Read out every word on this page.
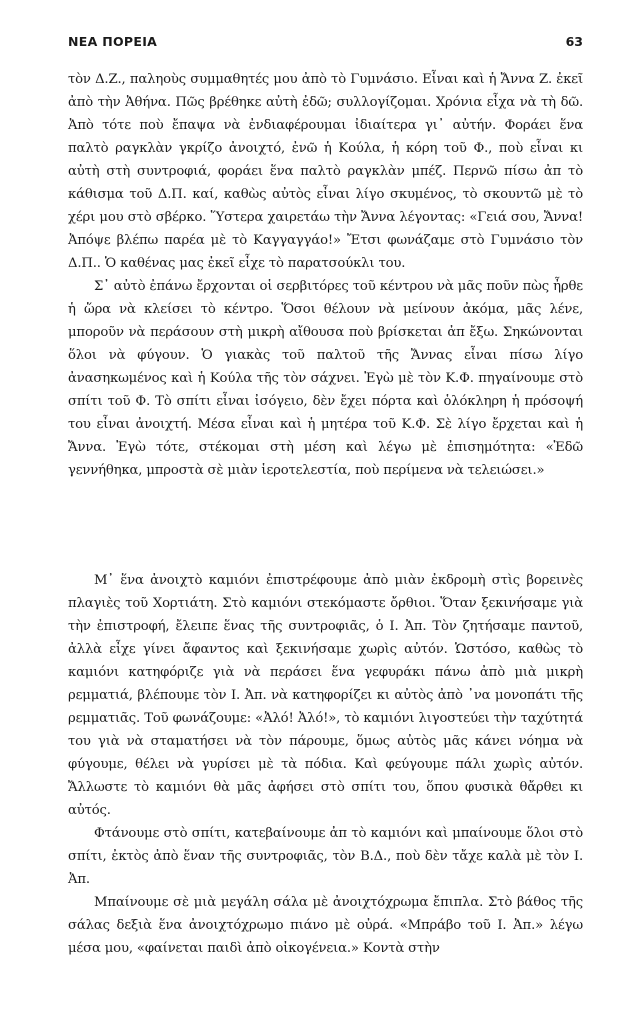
ΝΕΑ ΠΟΡΕΙΑ	63

τὸν Δ.Ζ., παληοὺς συμμαθητές μου ἀπὸ τὸ Γυμνάσιο. Εἶναι καὶ ἡ Ἄννα Ζ. ἐκεῖ ἀπὸ τὴν Ἀθήνα. Πῶς βρέθηκε αὐτὴ ἐδῶ; συλλογίζομαι. Χρόνια εἶχα νὰ τὴ δῶ. Ἀπὸ τότε ποὺ ἔπαψα νὰ ἐνδιαφέρουμαι ἰδιαίτερα γι᾽ αὐτήν. Φοράει ἕνα παλτὸ ραγκλὰν γκρίζο ἀνοιχτό, ἐνῶ ἡ Κούλα, ἡ κόρη τοῦ Φ., ποὺ εἶναι κι αὐτὴ στὴ συντροφιά, φοράει ἕνα παλτὸ ραγκλὰν μπέζ. Περνῶ πίσω ἀπ τὸ κάθισμα τοῦ Δ.Π. καί, καθὼς αὐτὸς εἶναι λίγο σκυμένος, τὸ σκουντῶ μὲ τὸ χέρι μου στὸ σβέρκο. Ὕστερα χαιρετάω τὴν Ἄννα λέγοντας: «Γειά σου, Ἄννα! Ἀπόψε βλέπω παρέα μὲ τὸ Καγγαγγάο!» Ἔτσι φωνάζαμε στὸ Γυμνάσιο τὸν Δ.Π.. Ὁ καθένας μας ἐκεῖ εἶχε τὸ παρατσούκλι του.

Σ᾽ αὐτὸ ἐπάνω ἔρχονται οἱ σερβιτόρες τοῦ κέντρου νὰ μᾶς ποῦν πὼς ἦρθε ἡ ὥρα νὰ κλείσει τὸ κέντρο. Ὅσοι θέλουν νὰ μείνουν ἀκόμα, μᾶς λένε, μποροῦν νὰ περάσουν στὴ μικρὴ αἴθουσα ποὺ βρίσκεται ἀπ ἔξω. Σηκώνονται ὅλοι νὰ φύγουν. Ὁ γιακὰς τοῦ παλτοῦ τῆς Ἄννας εἶναι πίσω λίγο ἀνασηκωμένος καὶ ἡ Κούλα τῆς τὸν σάχνει. Ἐγὼ μὲ τὸν Κ.Φ. πηγαίνουμε στὸ σπίτι τοῦ Φ. Τὸ σπίτι εἶναι ἰσόγειο, δὲν ἔχει πόρτα καὶ ὁλόκληρη ἡ πρόσοψή του εἶναι ἀνοιχτή. Μέσα εἶναι καὶ ἡ μητέρα τοῦ Κ.Φ. Σὲ λίγο ἔρχεται καὶ ἡ Ἄννα. Ἐγὼ τότε, στέκομαι στὴ μέση καὶ λέγω μὲ ἐπισημότητα: «Ἐδῶ γεννήθηκα, μπροστὰ σὲ μιὰν ἱεροτελεστία, ποὺ περίμενα νὰ τελειώσει.»

Μ᾽ ἕνα ἀνοιχτὸ καμιόνι ἐπιστρέφουμε ἀπὸ μιὰν ἐκδρομὴ στὶς βορεινὲς πλαγιὲς τοῦ Χορτιάτη. Στὸ καμιόνι στεκόμαστε ὄρθιοι. Ὅταν ξεκινήσαμε γιὰ τὴν ἐπιστροφή, ἔλειπε ἕνας τῆς συντροφιᾶς, ὁ Ι. Ἀπ. Τὸν ζητήσαμε παντοῦ, ἀλλὰ εἶχε γίνει ἄφαντος καὶ ξεκινήσαμε χωρὶς αὐτόν. Ὡστόσο, καθὼς τὸ καμιόνι κατηφόριζε γιὰ νὰ περάσει ἕνα γεφυράκι πάνω ἀπὸ μιὰ μικρὴ ρεμματιά, βλέπουμε τὸν Ι. Ἀπ. νὰ κατηφορίζει κι αὐτὸς ἀπὸ ᾽να μονοπάτι τῆς ρεμματιᾶς. Τοῦ φωνάζουμε: «Ἀλό! Ἀλό!», τὸ καμιόνι λιγοστεύει τὴν ταχύτητά του γιὰ νὰ σταματήσει νὰ τὸν πάρουμε, ὅμως αὐτὸς μᾶς κάνει νόημα νὰ φύγουμε, θέλει νὰ γυρίσει μὲ τὰ πόδια. Καὶ φεύγουμε πάλι χωρὶς αὐτόν. Ἄλλωστε τὸ καμιόνι θὰ μᾶς ἀφήσει στὸ σπίτι του, ὅπου φυσικὰ θἄρθει κι αὐτός.

Φτάνουμε στὸ σπίτι, κατεβαίνουμε ἀπ τὸ καμιόνι καὶ μπαίνουμε ὅλοι στὸ σπίτι, ἐκτὸς ἀπὸ ἕναν τῆς συντροφιᾶς, τὸν Β.Δ., ποὺ δὲν τἄχε καλὰ μὲ τὸν Ι. Ἀπ.

Μπαίνουμε σὲ μιὰ μεγάλη σάλα μὲ ἀνοιχτόχρωμα ἔπιπλα. Στὸ βάθος τῆς σάλας δεξιὰ ἕνα ἀνοιχτόχρωμο πιάνο μὲ οὐρά. «Μπράβο τοῦ Ι. Ἀπ.» λέγω μέσα μου, «φαίνεται παιδὶ ἀπὸ οἰκογένεια.» Κοντὰ στὴν
